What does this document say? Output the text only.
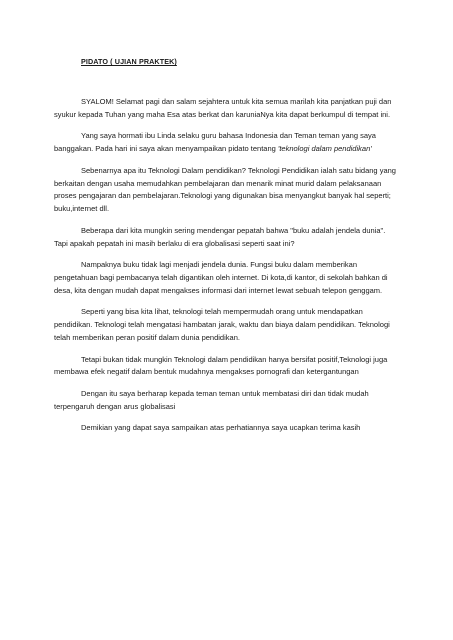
PIDATO ( UJIAN PRAKTEK)

SYALOM! Selamat pagi dan salam sejahtera untuk kita semua marilah kita panjatkan puji dan syukur kepada Tuhan yang maha Esa atas berkat dan karuniaNya kita dapat berkumpul di tempat ini.

Yang saya hormati ibu Linda selaku guru bahasa Indonesia dan Teman teman yang saya banggakan. Pada hari ini saya akan menyampaikan pidato tentang 'teknologi dalam pendidikan'

Sebenarnya apa itu Teknologi Dalam pendidikan? Teknologi Pendidikan ialah satu bidang yang berkaitan dengan usaha memudahkan pembelajaran dan menarik minat murid dalam pelaksanaan proses pengajaran dan pembelajaran.Teknologi yang digunakan bisa menyangkut banyak hal seperti; buku,internet dll.

Beberapa dari kita mungkin sering mendengar pepatah bahwa "buku adalah jendela dunia". Tapi apakah pepatah ini masih berlaku di era globalisasi seperti saat ini?

Nampaknya buku tidak lagi menjadi jendela dunia. Fungsi buku dalam memberikan pengetahuan bagi pembacanya telah digantikan oleh internet. Di kota,di kantor, di sekolah bahkan di desa, kita dengan mudah dapat mengakses informasi dari internet lewat sebuah telepon genggam.

Seperti yang bisa kita lihat, teknologi telah mempermudah orang untuk mendapatkan pendidikan. Teknologi telah mengatasi hambatan jarak, waktu dan biaya dalam pendidikan. Teknologi telah memberikan peran positif dalam dunia pendidikan.

Tetapi bukan tidak mungkin Teknologi dalam pendidikan hanya bersifat positif,Teknologi juga membawa efek negatif dalam bentuk mudahnya mengakses pornografi dan ketergantungan

Dengan itu saya berharap kepada teman teman untuk membatasi diri dan tidak mudah terpengaruh dengan arus globalisasi

Demikian yang dapat saya sampaikan atas perhatiannya saya ucapkan terima kasih
